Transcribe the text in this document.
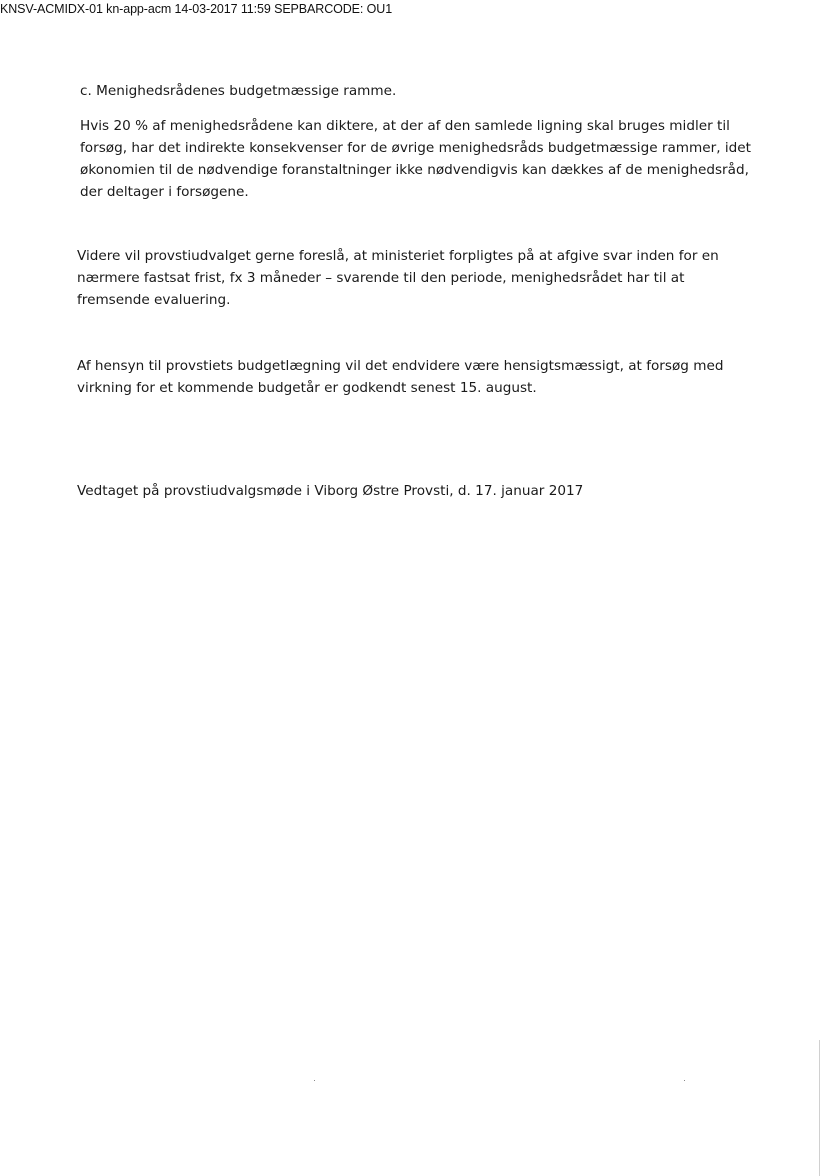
KNSV-ACMIDX-01 kn-app-acm 14-03-2017 11:59 SEPBARCODE: OU1

c. Menighedsrådenes budgetmæssige ramme.

Hvis 20 % af menighedsrådene kan diktere, at der af den samlede ligning skal bruges midler til
forsøg, har det indirekte konsekvenser for de øvrige menighedsråds budgetmæssige rammer, idet
økonomien til de nødvendige foranstaltninger ikke nødvendigvis kan dækkes af de menighedsråd,
der deltager i forsøgene.

Videre vil provstiudvalget gerne foreslå, at ministeriet forpligtes på at afgive svar inden for en
nærmere fastsat frist, fx 3 måneder – svarende til den periode, menighedsrådet har til at
fremsende evaluering.

Af hensyn til provstiets budgetlægning vil det endvidere være hensigtsmæssigt, at forsøg med
virkning for et kommende budgetår er godkendt senest 15. august.

Vedtaget på provstiudvalgsmøde i Viborg Østre Provsti, d. 17. januar 2017
